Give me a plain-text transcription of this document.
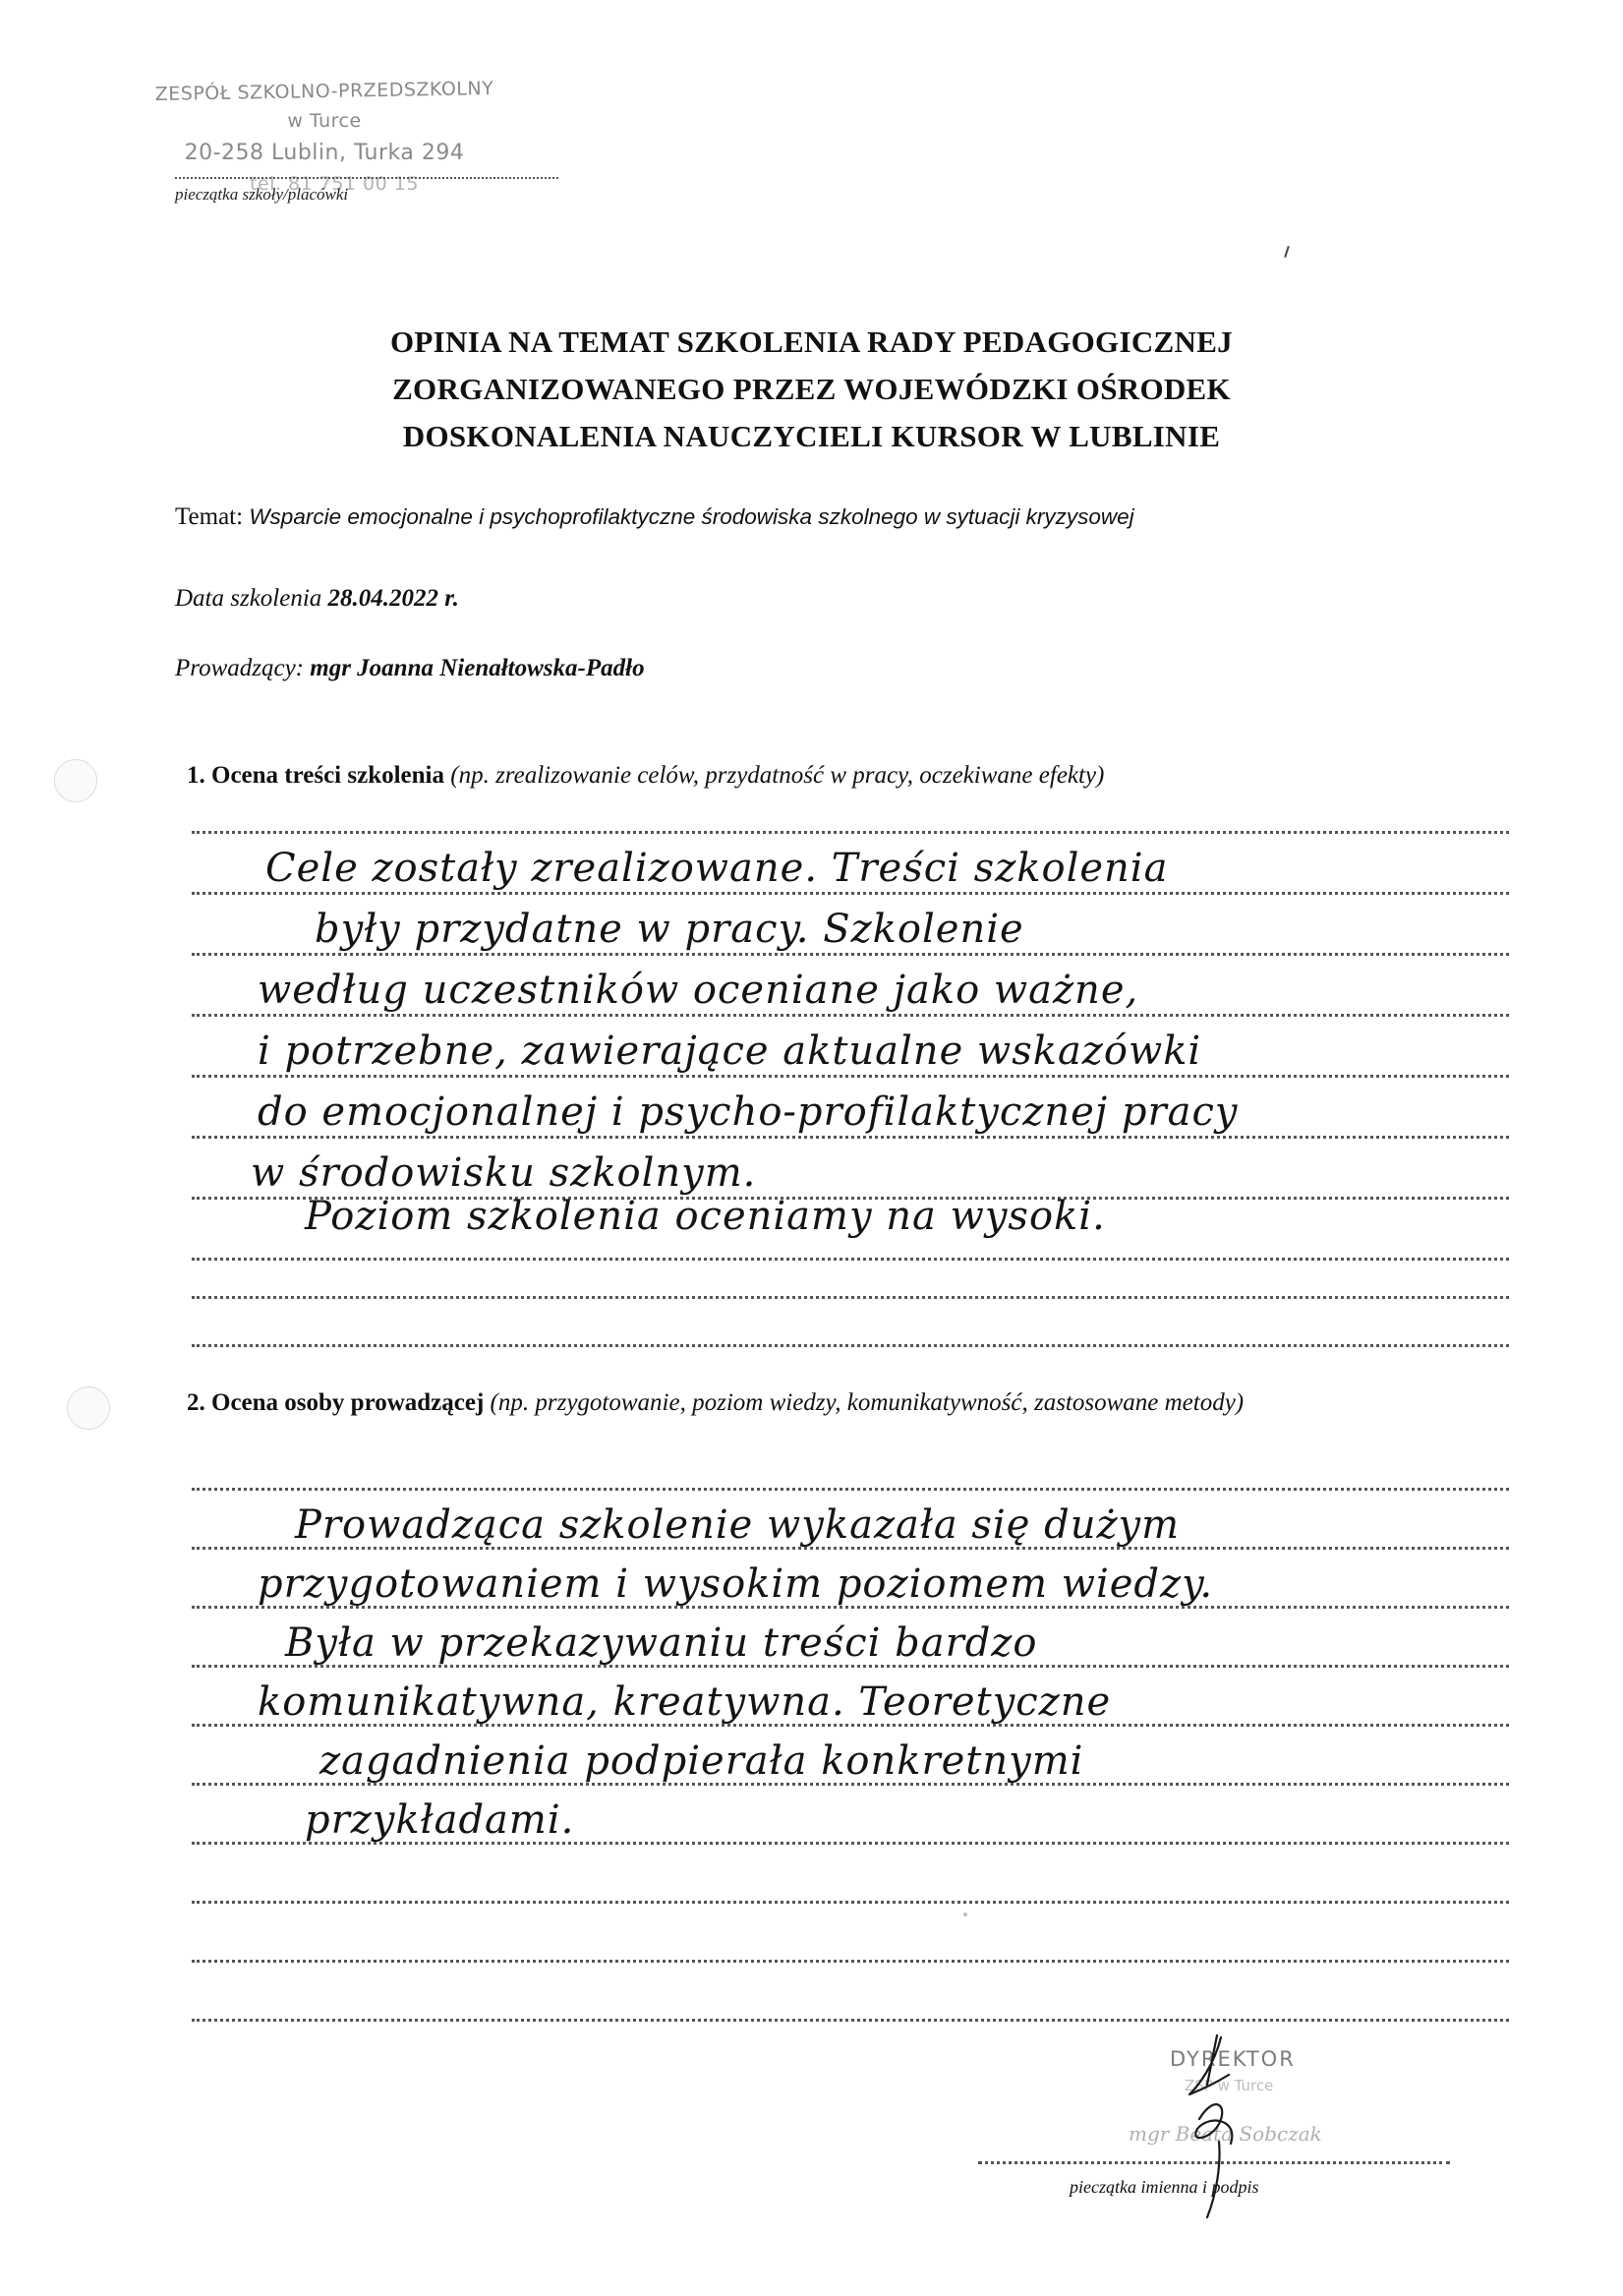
ZESPÓŁ SZKOLNO-PRZEDSZKOLNY
w Turce
20-258 Lublin, Turka 294
tel. 81 751 00 15
pieczątka szkoły/placówki
OPINIA NA TEMAT SZKOLENIA RADY PEDAGOGICZNEJ
ZORGANIZOWANEGO PRZEZ WOJEWÓDZKI OŚRODEK
DOSKONALENIA NAUCZYCIELI KURSOR W LUBLINIE
Temat: Wsparcie emocjonalne i psychoprofilaktyczne środowiska szkolnego w sytuacji kryzysowej
Data szkolenia 28.04.2022 r.
Prowadzący: mgr Joanna Nienałtowska-Padło
1. Ocena treści szkolenia (np. zrealizowanie celów, przydatność w pracy, oczekiwane efekty)
Cele zostały zrealizowane. Treści szkolenia
były przydatne w pracy. Szkolenie
według uczestników oceniane jako ważne,
i potrzebne, zawierające aktualne wskazówki
do emocjonalnej i psycho-profilaktycznej pracy
w środowisku szkolnym.
Poziom szkolenia oceniamy na wysoki.
2. Ocena osoby prowadzącej (np. przygotowanie, poziom wiedzy, komunikatywność, zastosowane metody)
Prowadząca szkolenie wykazała się dużym
przygotowaniem i wysokim poziomem wiedzy.
Była w przekazywaniu treści bardzo
komunikatywna, kreatywna. Teoretyczne
zagadnienia podpierała konkretnymi
przykładami.
DYREKTOR
ZSP w Turce
mgr Beata Sobczak
pieczątka imienna i podpis
